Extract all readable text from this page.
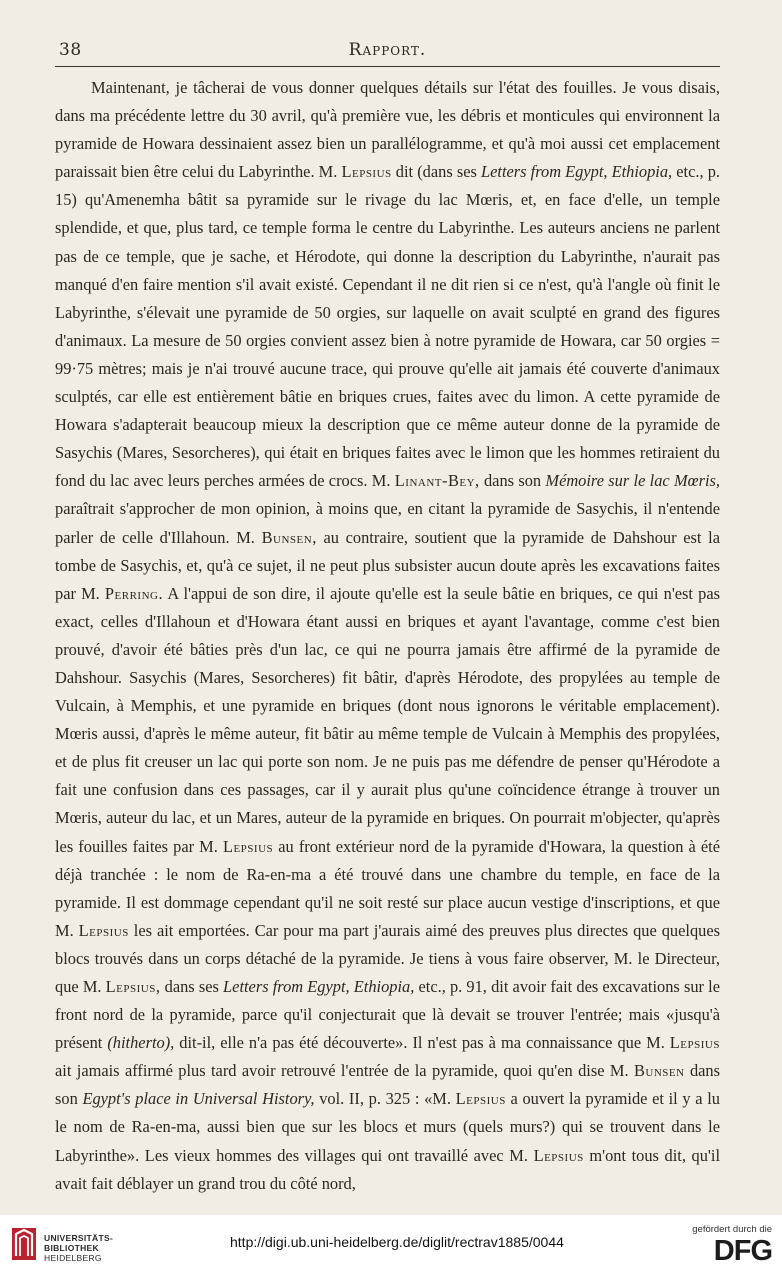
38	Rapport.

Maintenant, je tâcherai de vous donner quelques détails sur l'état des fouilles. Je vous disais, dans ma précédente lettre du 30 avril, qu'à première vue, les débris et monticules qui environnent la pyramide de Howara dessinaient assez bien un parallélogramme, et qu'à moi aussi cet emplacement paraissait bien être celui du Labyrinthe. M. Lepsius dit (dans ses Letters from Egypt, Ethiopia, etc., p. 15) qu'Amenemha bâtit sa pyramide sur le rivage du lac Mœris, et, en face d'elle, un temple splendide, et que, plus tard, ce temple forma le centre du Labyrinthe. Les auteurs anciens ne parlent pas de ce temple, que je sache, et Hérodote, qui donne la description du Labyrinthe, n'aurait pas manqué d'en faire mention s'il avait existé. Cependant il ne dit rien si ce n'est, qu'à l'angle où finit le Labyrinthe, s'élevait une pyramide de 50 orgies, sur laquelle on avait sculpté en grand des figures d'animaux. La mesure de 50 orgies convient assez bien à notre pyramide de Howara, car 50 orgies = 99·75 mètres; mais je n'ai trouvé aucune trace, qui prouve qu'elle ait jamais été couverte d'animaux sculptés, car elle est entièrement bâtie en briques crues, faites avec du limon. A cette pyramide de Howara s'adapterait beaucoup mieux la description que ce même auteur donne de la pyramide de Sasychis (Mares, Sesorcheres), qui était en briques faites avec le limon que les hommes retiraient du fond du lac avec leurs perches armées de crocs. M. Linant-Bey, dans son Mémoire sur le lac Mœris, paraîtrait s'approcher de mon opinion, à moins que, en citant la pyramide de Sasychis, il n'entende parler de celle d'Illahoun. M. Bunsen, au contraire, soutient que la pyramide de Dahshour est la tombe de Sasychis, et, qu'à ce sujet, il ne peut plus subsister aucun doute après les excavations faites par M. Perring. A l'appui de son dire, il ajoute qu'elle est la seule bâtie en briques, ce qui n'est pas exact, celles d'Illahoun et d'Howara étant aussi en briques et ayant l'avantage, comme c'est bien prouvé, d'avoir été bâties près d'un lac, ce qui ne pourra jamais être affirmé de la pyramide de Dahshour. Sasychis (Mares, Sesorcheres) fit bâtir, d'après Hérodote, des propylées au temple de Vulcain, à Memphis, et une pyramide en briques (dont nous ignorons le véritable emplacement). Mœris aussi, d'après le même auteur, fit bâtir au même temple de Vulcain à Memphis des propylées, et de plus fit creuser un lac qui porte son nom. Je ne puis pas me défendre de penser qu'Hérodote a fait une confusion dans ces passages, car il y aurait plus qu'une coïncidence étrange à trouver un Mœris, auteur du lac, et un Mares, auteur de la pyramide en briques. On pourrait m'objecter, qu'après les fouilles faites par M. Lepsius au front extérieur nord de la pyramide d'Howara, la question à été déjà tranchée : le nom de Ra-en-ma a été trouvé dans une chambre du temple, en face de la pyramide. Il est dommage cependant qu'il ne soit resté sur place aucun vestige d'inscriptions, et que M. Lepsius les ait emportées. Car pour ma part j'aurais aimé des preuves plus directes que quelques blocs trouvés dans un corps détaché de la pyramide. Je tiens à vous faire observer, M. le Directeur, que M. Lepsius, dans ses Letters from Egypt, Ethiopia, etc., p. 91, dit avoir fait des excavations sur le front nord de la pyramide, parce qu'il conjecturait que là devait se trouver l'entrée; mais «jusqu'à présent (hitherto), dit-il, elle n'a pas été découverte». Il n'est pas à ma connaissance que M. Lepsius ait jamais affirmé plus tard avoir retrouvé l'entrée de la pyramide, quoi qu'en dise M. Bunsen dans son Egypt's place in Universal History, vol. II, p. 325 : «M. Lepsius a ouvert la pyramide et il y a lu le nom de Ra-en-ma, aussi bien que sur les blocs et murs (quels murs?) qui se trouvent dans le Labyrinthe». Les vieux hommes des villages qui ont travaillé avec M. Lepsius m'ont tous dit, qu'il avait fait déblayer un grand trou du côté nord,

UNIVERSITÄTS-
BIBLIOTHEK
HEIDELBERG
http://digi.ub.uni-heidelberg.de/diglit/rectrav1885/0044
gefördert durch die
DFG
